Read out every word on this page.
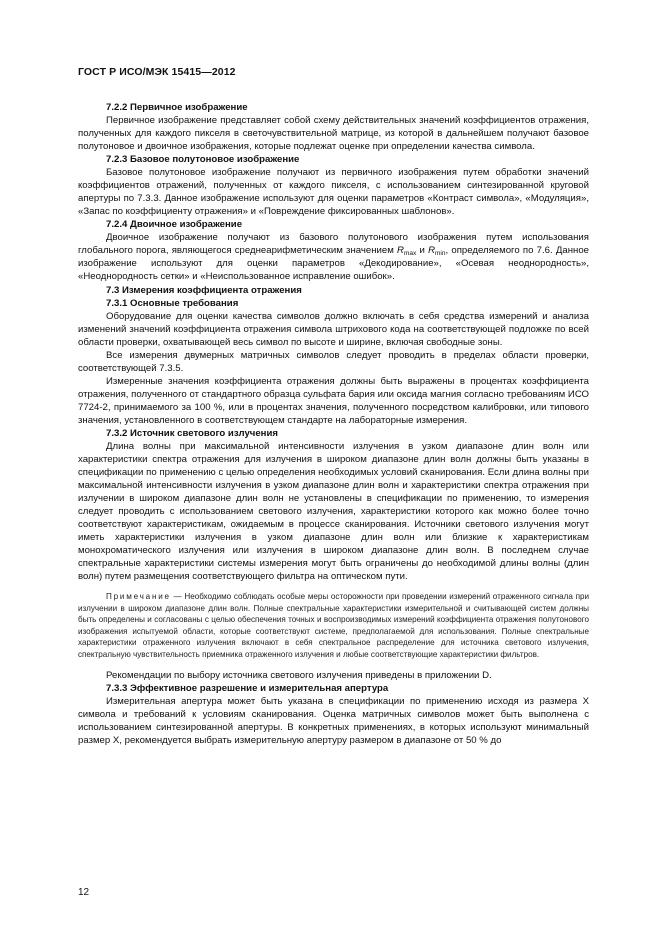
ГОСТ Р ИСО/МЭК 15415—2012

7.2.2 Первичное изображение

Первичное изображение представляет собой схему действительных значений коэффициентов отражения, полученных для каждого пикселя в светочувствительной матрице, из которой в дальнейшем получают базовое полутоновое и двоичное изображения, которые подлежат оценке при определении качества символа.

7.2.3 Базовое полутоновое изображение

Базовое полутоновое изображение получают из первичного изображения путем обработки значений коэффициентов отражений, полученных от каждого пикселя, с использованием синтезированной круговой апертуры по 7.3.3. Данное изображение используют для оценки параметров «Контраст символа», «Модуляция», «Запас по коэффициенту отражения» и «Повреждение фиксированных шаблонов».

7.2.4 Двоичное изображение

Двоичное изображение получают из базового полутонового изображения путем использования глобального порога, являющегося среднеарифметическим значением $R_{max}$ и $R_{min}$, определяемого по 7.6. Данное изображение используют для оценки параметров «Декодирование», «Осевая неоднородность», «Неоднородность сетки» и «Неиспользованное исправление ошибок».

7.3 Измерения коэффициента отражения

7.3.1 Основные требования

Оборудование для оценки качества символов должно включать в себя средства измерений и анализа изменений значений коэффициента отражения символа штрихового кода на соответствующей подложке по всей области проверки, охватывающей весь символ по высоте и ширине, включая свободные зоны.

Все измерения двумерных матричных символов следует проводить в пределах области проверки, соответствующей 7.3.5.

Измеренные значения коэффициента отражения должны быть выражены в процентах коэффициента отражения, полученного от стандартного образца сульфата бария или оксида магния согласно требованиям ИСО 7724-2, принимаемого за 100 %, или в процентах значения, полученного посредством калибровки, или типового значения, установленного в соответствующем стандарте на лабораторные измерения.

7.3.2 Источник светового излучения

Длина волны при максимальной интенсивности излучения в узком диапазоне длин волн или характеристики спектра отражения для излучения в широком диапазоне длин волн должны быть указаны в спецификации по применению с целью определения необходимых условий сканирования. Если длина волны при максимальной интенсивности излучения в узком диапазоне длин волн и характеристики спектра отражения при излучении в широком диапазоне длин волн не установлены в спецификации по применению, то измерения следует проводить с использованием светового излучения, характеристики которого как можно более точно соответствуют характеристикам, ожидаемым в процессе сканирования. Источники светового излучения могут иметь характеристики излучения в узком диапазоне длин волн или близкие к характеристикам монохроматического излучения или излучения в широком диапазоне длин волн. В последнем случае спектральные характеристики системы измерения могут быть ограничены до необходимой длины волны (длин волн) путем размещения соответствующего фильтра на оптическом пути.

Примечание — Необходимо соблюдать особые меры осторожности при проведении измерений отраженного сигнала при излучении в широком диапазоне длин волн. Полные спектральные характеристики измерительной и считывающей систем должны быть определены и согласованы с целью обеспечения точных и воспроизводимых измерений коэффициента отражения полутонового изображения испытуемой области, которые соответствуют системе, предполагаемой для использования. Полные спектральные характеристики отраженного излучения включают в себя спектральное распределение для источника светового излучения, спектральную чувствительность приемника отраженного излучения и любые соответствующие характеристики фильтров.

Рекомендации по выбору источника светового излучения приведены в приложении D.

7.3.3 Эффективное разрешение и измерительная апертура

Измерительная апертура может быть указана в спецификации по применению исходя из размера X символа и требований к условиям сканирования. Оценка матричных символов может быть выполнена с использованием синтезированной апертуры. В конкретных применениях, в которых используют минимальный размер X, рекомендуется выбрать измерительную апертуру размером в диапазоне от 50 % до

12
